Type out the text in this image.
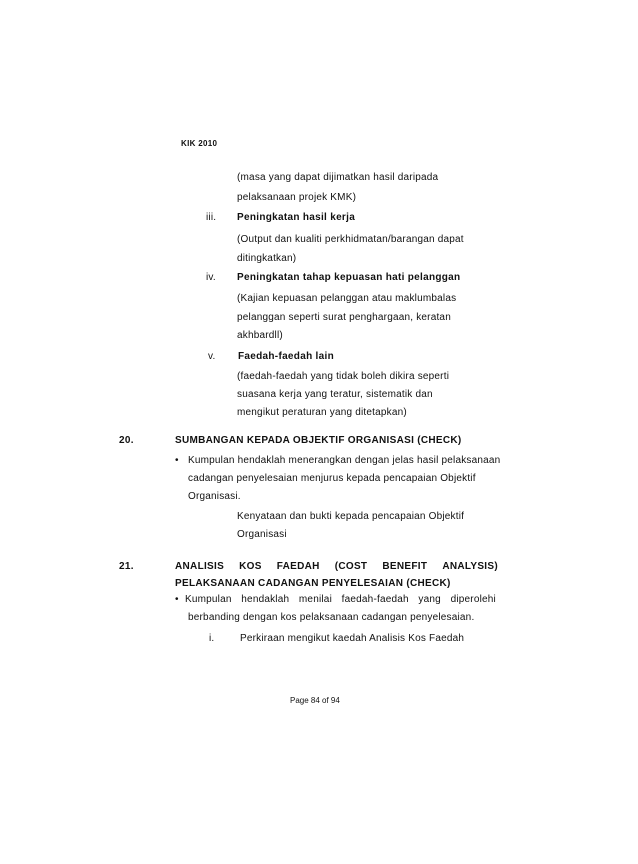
KIK 2010
(masa yang dapat dijimatkan hasil daripada
pelaksanaan projek KMK)
iii. Peningkatan hasil kerja
(Output dan kualiti perkhidmatan/barangan dapat
ditingkatkan)
iv. Peningkatan tahap kepuasan hati pelanggan
(Kajian kepuasan pelanggan atau maklumbalas
pelanggan seperti surat penghargaan, keratan
akhbardll)
v. Faedah-faedah lain
(faedah-faedah yang tidak boleh dikira seperti
suasana kerja yang teratur, sistematik dan
mengikut peraturan yang ditetapkan)
20.	SUMBANGAN KEPADA OBJEKTIF ORGANISASI (CHECK)
• Kumpulan hendaklah menerangkan dengan jelas hasil pelaksanaan
cadangan penyelesaian menjurus kepada pencapaian Objektif
Organisasi.
Kenyataan dan bukti kepada pencapaian Objektif
Organisasi
21.	ANALISIS KOS FAEDAH (COST BENEFIT ANALYSIS)
PELAKSANAAN CADANGAN PENYELESAIAN (CHECK)
• Kumpulan hendaklah menilai faedah-faedah yang diperolehi
berbanding dengan kos pelaksanaan cadangan penyelesaian.
i.	Perkiraan mengikut kaedah Analisis Kos Faedah
Page 84 of 94
